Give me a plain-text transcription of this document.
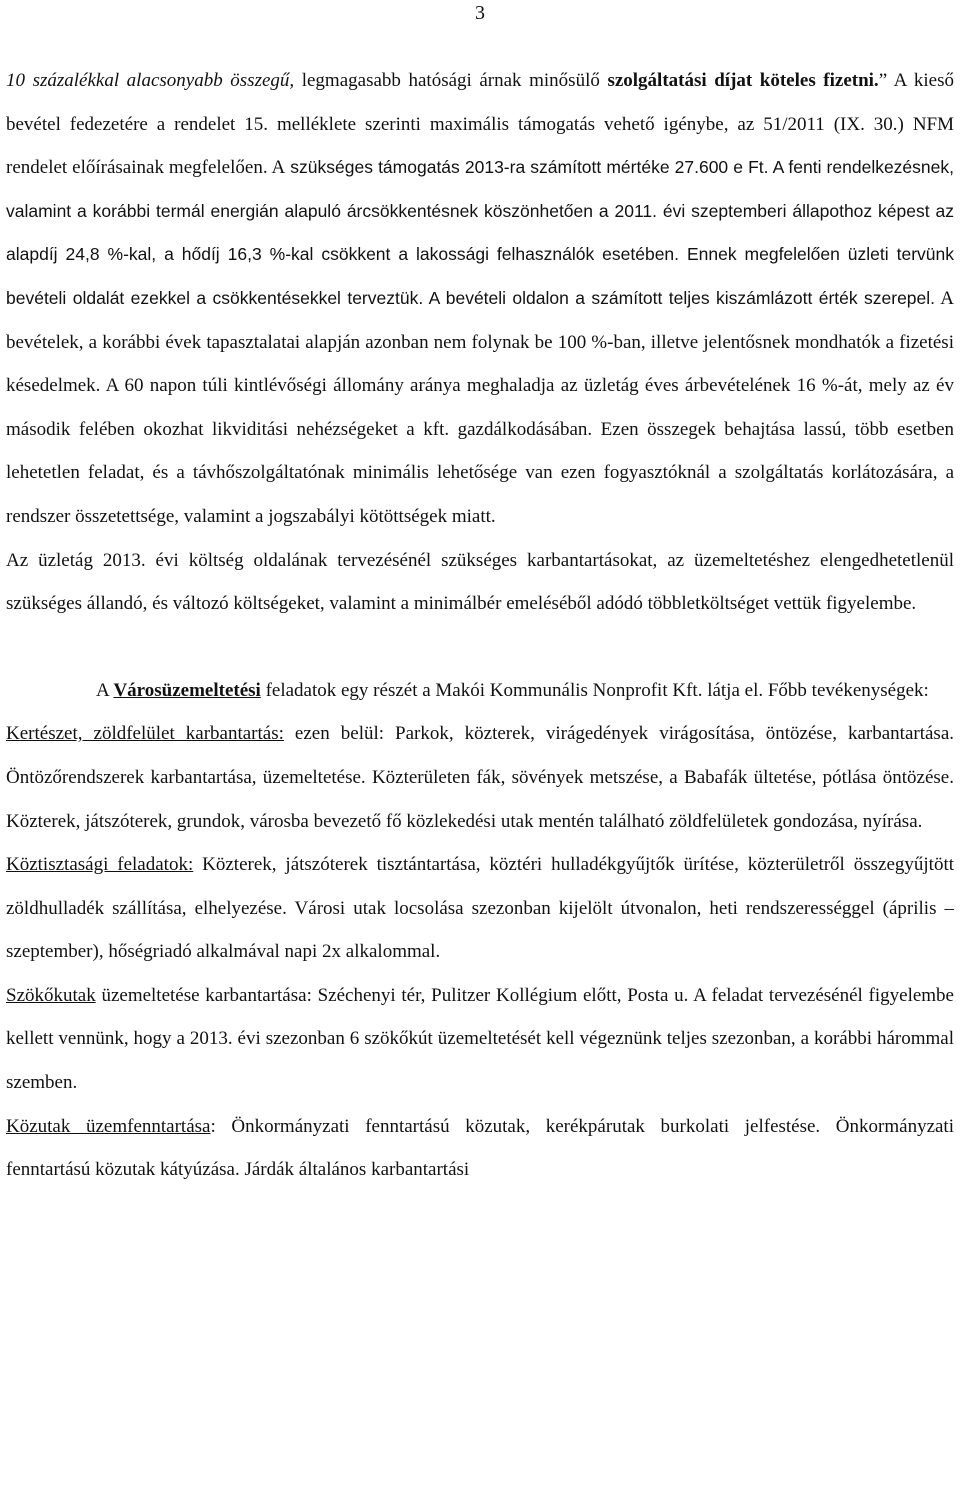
3

10 százalékkal alacsonyabb összegű, legmagasabb hatósági árnak minősülő szolgáltatási díjat köteles fizetni.” A kieső bevétel fedezetére a rendelet 15. melléklete szerinti maximális támogatás vehető igénybe, az 51/2011 (IX. 30.) NFM rendelet előírásainak megfelelően. A szükséges támogatás 2013-ra számított mértéke 27.600 e Ft. A fenti rendelkezésnek, valamint a korábbi termál energián alapuló árcsökkentésnek köszönhetően a 2011. évi szeptemberi állapothoz képest az alapdíj 24,8 %-kal, a hődíj 16,3 %-kal csökkent a lakossági felhasználók esetében. Ennek megfelelően üzleti tervünk bevételi oldalát ezekkel a csökkentésekkel terveztük. A bevételi oldalon a számított teljes kiszámlázott érték szerepel. A bevételek, a korábbi évek tapasztalatai alapján azonban nem folynak be 100 %-ban, illetve jelentősnek mondhatók a fizetési késedelmek. A 60 napon túli kintlévőségi állomány aránya meghaladja az üzletág éves árbevételének 16 %-át, mely az év második felében okozhat likviditási nehézségeket a kft. gazdálkodásában. Ezen összegek behajtása lassú, több esetben lehetetlen feladat, és a távhőszolgáltatónak minimális lehetősége van ezen fogyasztóknál a szolgáltatás korlátozására, a rendszer összetettsége, valamint a jogszabályi kötöttségek miatt.

Az üzletág 2013. évi költség oldalának tervezésénél szükséges karbantartásokat, az üzemeltetéshez elengedhetetlenül szükséges állandó, és változó költségeket, valamint a minimálbér emeléséből adódó többletköltséget vettük figyelembe.

A Városüzemeltetési feladatok egy részét a Makói Kommunális Nonprofit Kft. látja el. Főbb tevékenységek:

Kertészet, zöldfelület karbantartás: ezen belül: Parkok, közterek, virágedények virágosítása, öntözése, karbantartása. Öntözőrendszerek karbantartása, üzemeltetése. Közterületen fák, sövények metszése, a Babafák ültetése, pótlása öntözése. Közterek, játszóterek, grundok, városba bevezető fő közlekedési utak mentén található zöldfelületek gondozása, nyírása.

Köztisztasági feladatok: Közterek, játszóterek tisztántartása, köztéri hulladékgyűjtők ürítése, közterületről összegyűjtött zöldhulladék szállítása, elhelyezése. Városi utak locsolása szezonban kijelölt útvonalon, heti rendszerességgel (április –szeptember), hőségriadó alkalmával napi 2x alkalommal.

Szökőkutak üzemeltetése karbantartása: Széchenyi tér, Pulitzer Kollégium előtt, Posta u. A feladat tervezésénél figyelembe kellett vennünk, hogy a 2013. évi szezonban 6 szökőkút üzemeltetését kell végeznünk teljes szezonban, a korábbi hárommal szemben.

Közutak üzemfenntartása: Önkormányzati fenntartású közutak, kerékpárutak burkolati jelfestése. Önkormányzati fenntartású közutak kátyúzása. Járdák általános karbantartási
